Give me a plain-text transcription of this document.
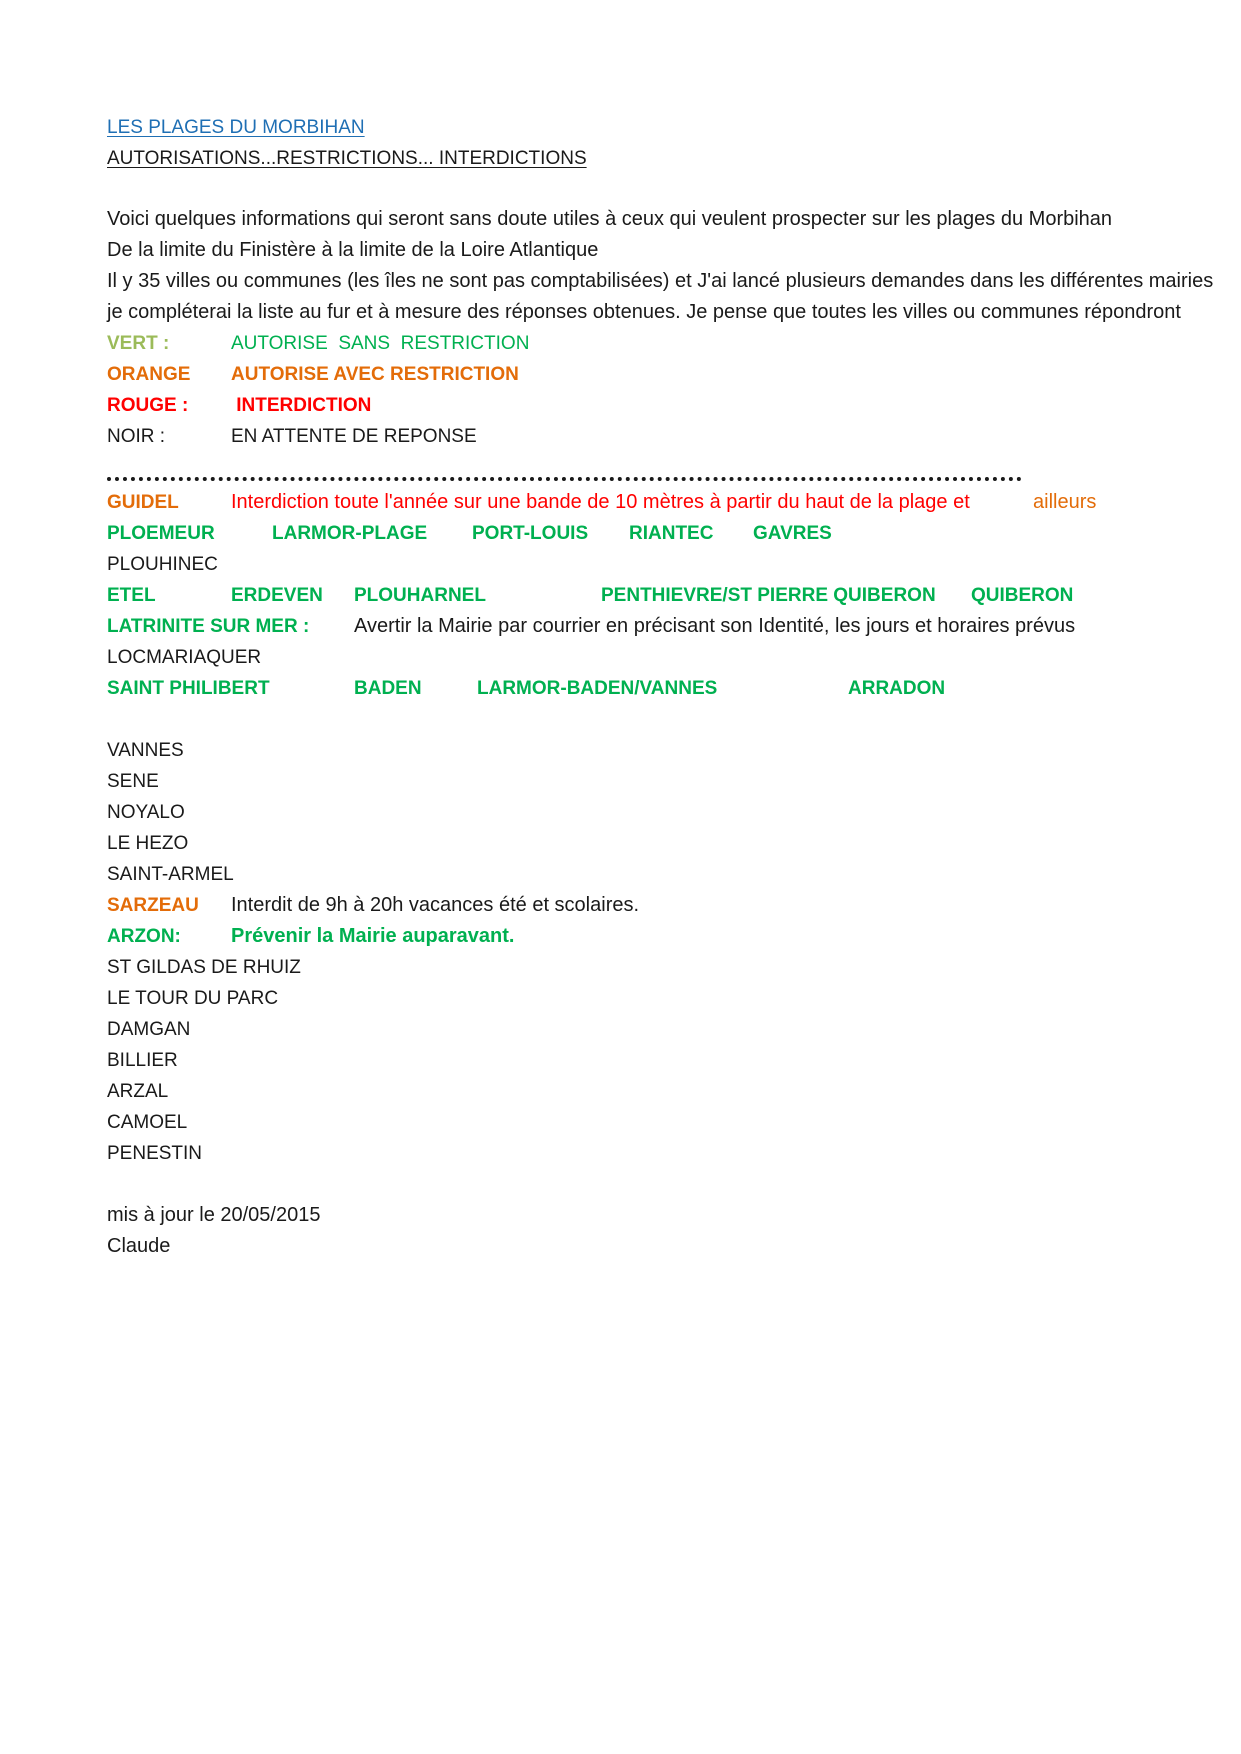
LES PLAGES DU MORBIHAN
AUTORISATIONS...RESTRICTIONS... INTERDICTIONS
Voici quelques informations qui seront sans doute utiles à ceux qui veulent prospecter sur les plages du Morbihan
De la limite du Finistère à la limite de la Loire Atlantique
Il y 35 villes ou communes (les îles ne sont pas comptabilisées) et J'ai lancé plusieurs demandes dans les différentes mairies
je compléterai la liste au fur et à mesure des réponses obtenues. Je pense que toutes les villes ou communes répondront
VERT :	AUTORISE  SANS  RESTRICTION
ORANGE AUTORISE AVEC RESTRICTION
ROUGE : INTERDICTION
NOIR :	EN ATTENTE DE REPONSE
GUIDEL	Interdiction toute l'année sur une bande de 10 mètres à partir du haut de la plage et	ailleurs
PLOEMEUR	LARMOR-PLAGE PORT-LOUIS RIANTEC GAVRES
PLOUHINEC
ETEL	ERDEVEN PLOUHARNEL	PENTHIEVRE/ST PIERRE QUIBERON QUIBERON
LATRINITE SUR MER : Avertir la Mairie par courrier en précisant son Identité, les jours et horaires prévus
LOCMARIAQUER
SAINT PHILIBERT	BADEN	LARMOR-BADEN/VANNES	ARRADON
VANNES
SENE
NOYALO
LE HEZO
SAINT-ARMEL
SARZEAU Interdit de 9h à 20h vacances été et scolaires.
ARZON:	Prévenir la Mairie auparavant.
ST GILDAS DE RHUIZ
LE TOUR DU PARC
DAMGAN
BILLIER
ARZAL
CAMOEL
PENESTIN
mis à jour le 20/05/2015
Claude
